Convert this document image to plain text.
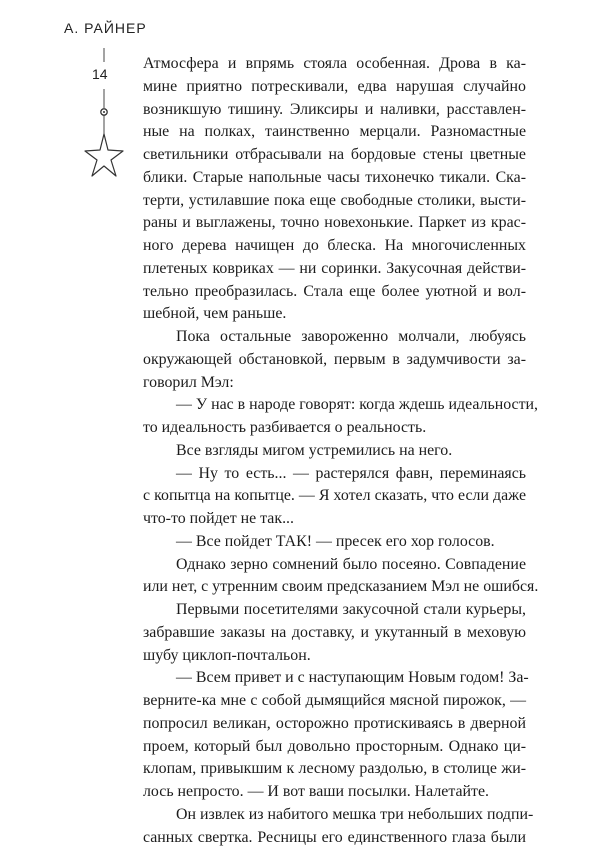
А. РАЙНЕР
14
Атмосфера и впрямь стояла особенная. Дрова в ка-
мине приятно потрескивали, едва нарушая случайно
возникшую тишину. Эликсиры и наливки, расставлен-
ные на полках, таинственно мерцали. Разномастные
светильники отбрасывали на бордовые стены цветные
блики. Старые напольные часы тихонечко тикали. Ска-
терти, устилавшие пока еще свободные столики, высти-
раны и выглажены, точно новехонькие. Паркет из крас-
ного дерева начищен до блеска. На многочисленных
плетеных ковриках — ни соринки. Закусочная действи-
тельно преобразилась. Стала еще более уютной и вол-
шебной, чем раньше.
Пока остальные завороженно молчали, любуясь
окружающей обстановкой, первым в задумчивости за-
говорил Мэл:
— У нас в народе говорят: когда ждешь идеальности,
то идеальность разбивается о реальность.
Все взгляды мигом устремились на него.
— Ну то есть... — растерялся фавн, переминаясь
с копытца на копытце. — Я хотел сказать, что если даже
что-то пойдет не так...
— Все пойдет ТАК! — пресек его хор голосов.
Однако зерно сомнений было посеяно. Совпадение
или нет, с утренним своим предсказанием Мэл не ошибся.
Первыми посетителями закусочной стали курьеры,
забравшие заказы на доставку, и укутанный в меховую
шубу циклоп-почтальон.
— Всем привет и с наступающим Новым годом! За-
верните-ка мне с собой дымящийся мясной пирожок, —
попросил великан, осторожно протискиваясь в дверной
проем, который был довольно просторным. Однако ци-
клопам, привыкшим к лесному раздолью, в столице жи-
лось непросто. — И вот ваши посылки. Налетайте.
Он извлек из набитого мешка три небольших подпи-
санных свертка. Ресницы его единственного глаза были
